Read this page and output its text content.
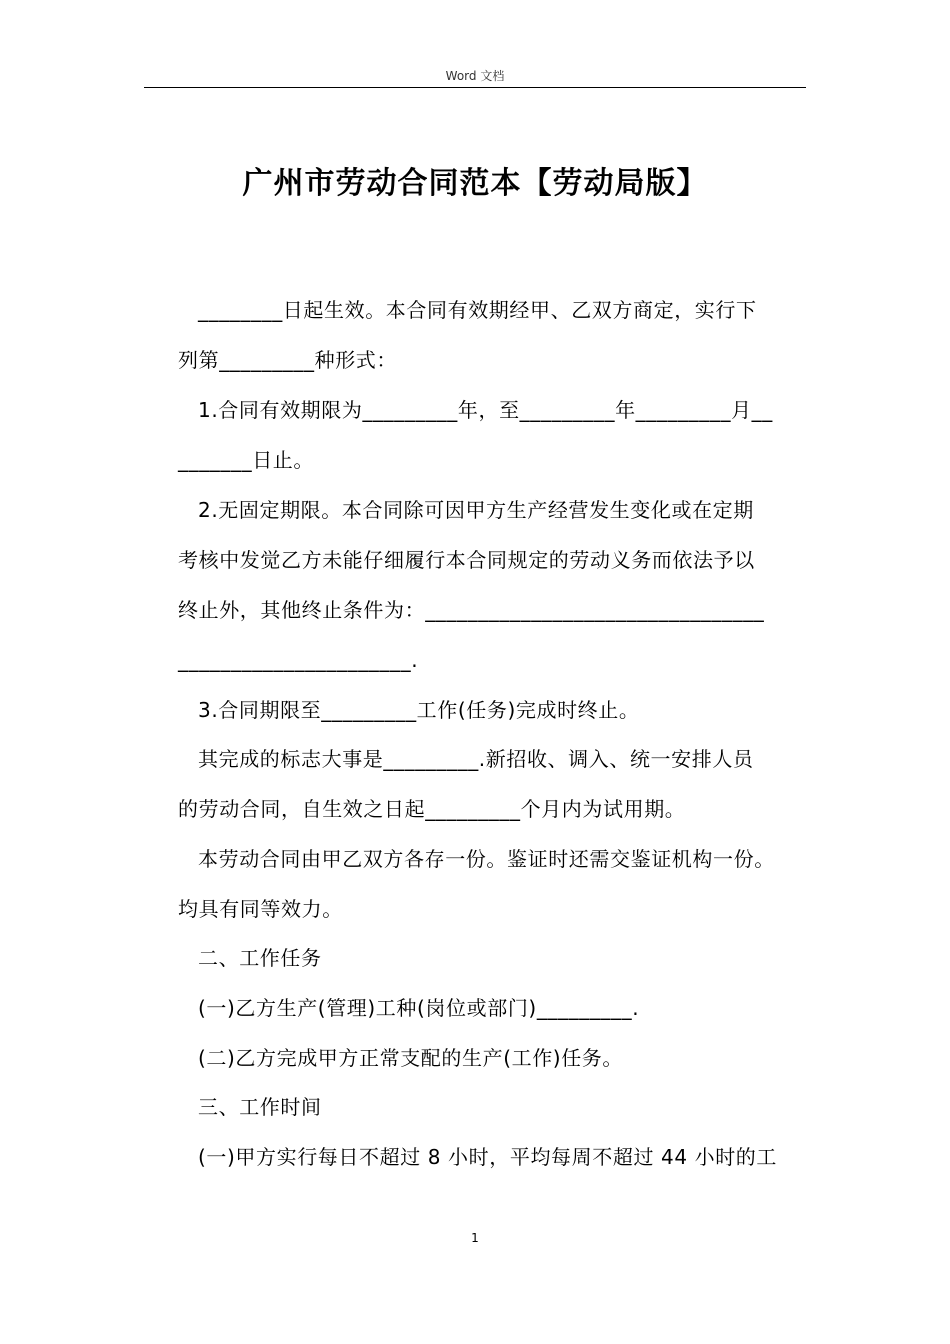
Word 文档
广州市劳动合同范本【劳动局版】
________日起生效。本合同有效期经甲、乙双方商定，实行下
列第_________种形式：
1.合同有效期限为_________年，至_________年_________月__
_______日止。
2.无固定期限。本合同除可因甲方生产经营发生变化或在定期
考核中发觉乙方未能仔细履行本合同规定的劳动义务而依法予以
终止外，其他终止条件为：________________________________
______________________.
3.合同期限至_________工作(任务)完成时终止。
其完成的标志大事是_________.新招收、调入、统一安排人员
的劳动合同，自生效之日起_________个月内为试用期。
本劳动合同由甲乙双方各存一份。鉴证时还需交鉴证机构一份。
均具有同等效力。
二、工作任务
(一)乙方生产(管理)工种(岗位或部门)_________.
(二)乙方完成甲方正常支配的生产(工作)任务。
三、工作时间
(一)甲方实行每日不超过 8 小时，平均每周不超过 44 小时的工
1
